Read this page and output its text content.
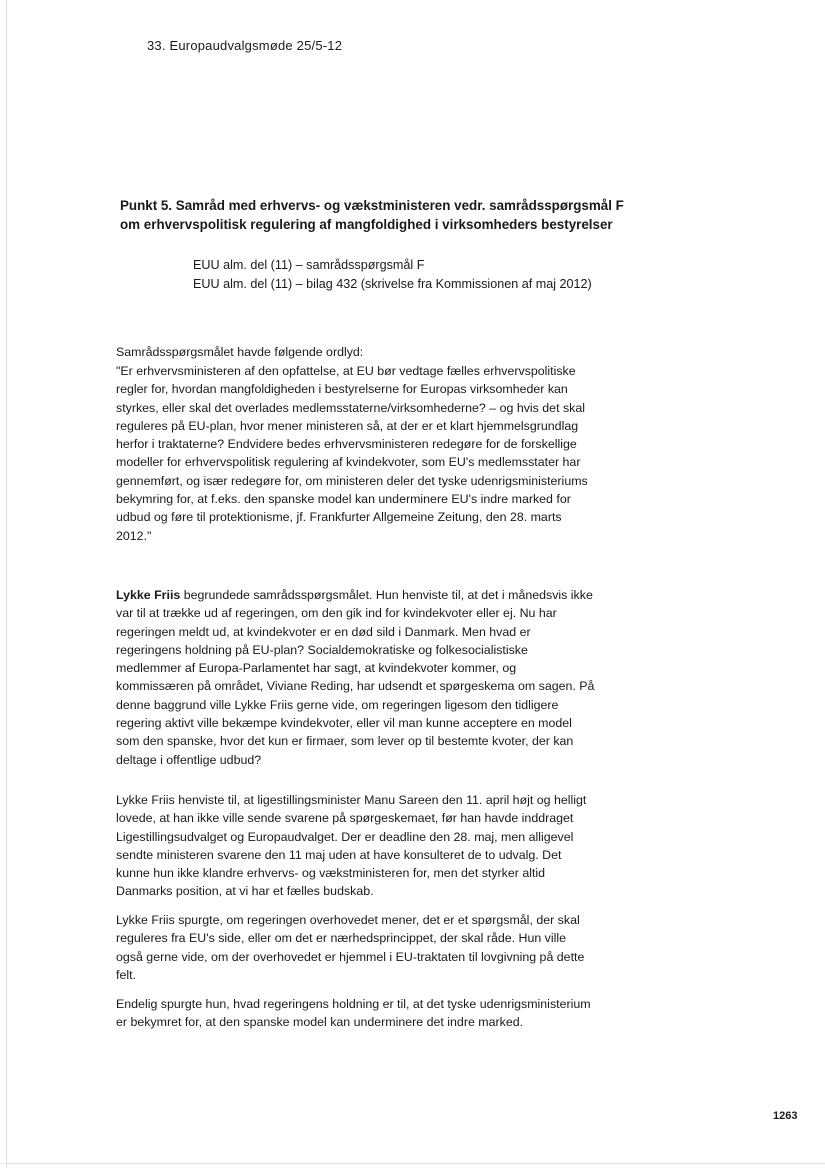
33. Europaudvalgsmøde 25/5-12
Punkt 5. Samråd med erhvervs- og vækstministeren vedr. samrådsspørgsmål F om erhvervspolitisk regulering af mangfoldighed i virksomheders bestyrelser
EUU alm. del (11) – samrådsspørgsmål F
EUU alm. del (11) – bilag 432 (skrivelse fra Kommissionen af maj 2012)

Samrådsspørgsmålet havde følgende ordlyd:

"Er erhvervsministeren af den opfattelse, at EU bør vedtage fælles erhvervspolitiske regler for, hvordan mangfoldigheden i bestyrelserne for Europas virksomheder kan styrkes, eller skal det overlades medlemsstaterne/virksomhederne? – og hvis det skal reguleres på EU-plan, hvor mener ministeren så, at der er et klart hjemmelsgrundlag herfor i traktaterne? Endvidere bedes erhvervsministeren redegøre for de forskellige modeller for erhvervspolitisk regulering af kvindekvoter, som EU's medlemsstater har gennemført, og især redegøre for, om ministeren deler det tyske udenrigsministeriums bekymring for, at f.eks. den spanske model kan underminere EU's indre marked for udbud og føre til protektionisme, jf. Frankfurter Allgemeine Zeitung, den 28. marts 2012."

Lykke Friis begrundede samrådsspørgsmålet. Hun henviste til, at det i månedsvis ikke var til at trække ud af regeringen, om den gik ind for kvindekvoter eller ej. Nu har regeringen meldt ud, at kvindekvoter er en død sild i Danmark. Men hvad er regeringens holdning på EU-plan? Socialdemokratiske og folkesocialistiske medlemmer af Europa-Parlamentet har sagt, at kvindekvoter kommer, og kommissæren på området, Viviane Reding, har udsendt et spørgeskema om sagen. På denne baggrund ville Lykke Friis gerne vide, om regeringen ligesom den tidligere regering aktivt ville bekæmpe kvindekvoter, eller vil man kunne acceptere en model som den spanske, hvor det kun er firmaer, som lever op til bestemte kvoter, der kan deltage i offentlige udbud?

Lykke Friis henviste til, at ligestillingsminister Manu Sareen den 11. april højt og helligt lovede, at han ikke ville sende svarene på spørgeskemaet, før han havde inddraget Ligestillingsudvalget og Europaudvalget. Der er deadline den 28. maj, men alligevel sendte ministeren svarene den 11 maj uden at have konsulteret de to udvalg. Det kunne hun ikke klandre erhvervs- og vækstministeren for, men det styrker altid Danmarks position, at vi har et fælles budskab.

Lykke Friis spurgte, om regeringen overhovedet mener, det er et spørgsmål, der skal reguleres fra EU's side, eller om det er nærhedsprincippet, der skal råde. Hun ville også gerne vide, om der overhovedet er hjemmel i EU-traktaten til lovgivning på dette felt.

Endelig spurgte hun, hvad regeringens holdning er til, at det tyske udenrigsministerium er bekymret for, at den spanske model kan underminere det indre marked.

1263
